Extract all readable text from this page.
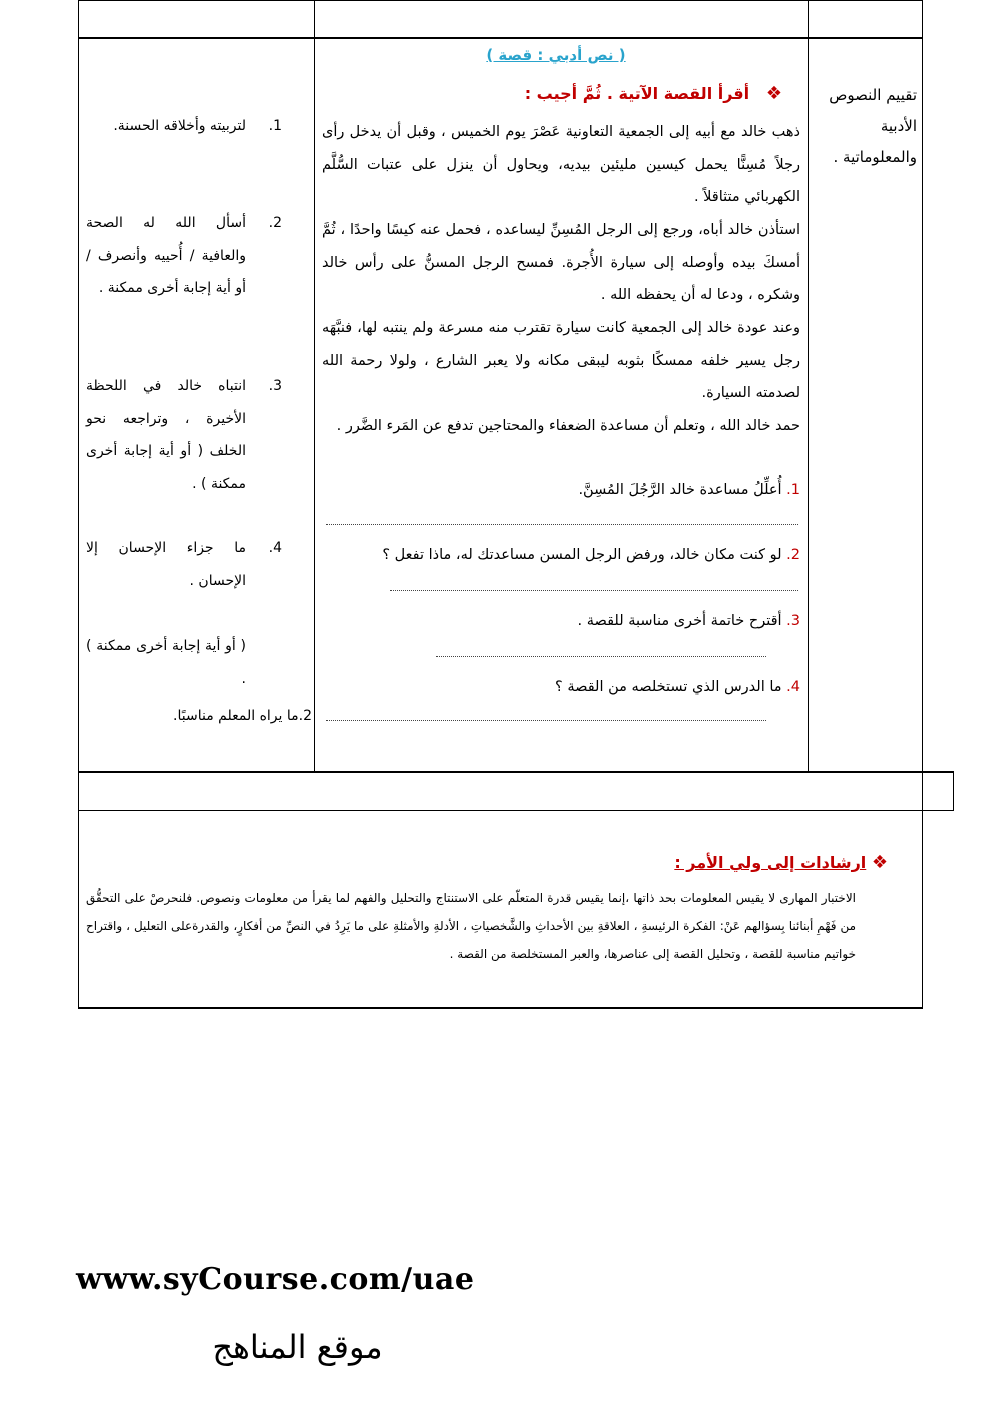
تقييم النصوص الأدبية والمعلوماتية .
( نص أدبي : قصة )
❖   أقرأ القصة الآتية . ثُمَّ أجيب :
ذهب خالد مع أبيه إلى الجمعية التعاونية عَصْرَ يوم الخميس ، وقبل أن يدخل رأى رجلاً مُسِنًّا يحمل كيسين مليئين بيديه، ويحاول أن ينزل على عتبات السُّلَّم الكهربائي متثاقلاً .
استأذن خالد أباه، ورجع إلى الرجل المُسِنِّ ليساعده ، فحمل عنه كيسًا واحدًا ، ثُمَّ أمسكَ بيده وأوصله إلى سيارة الأُجرة. فمسح الرجل المسنُّ على رأس خالد وشكره ، ودعا له أن يحفظه الله .
وعند عودة خالد إلى الجمعية كانت سيارة تقترب منه مسرعة ولم ينتبه لها، فنبَّهَه رجل يسير خلفه ممسكًا بثوبه ليبقى مكانه ولا يعبر الشارع ، ولولا رحمة الله لصدمته السيارة.
حمد خالد الله ، وتعلم أن مساعدة الضعفاء والمحتاجين تدفع عن المَرء الضَّرر .
1. أُعلِّلُ مساعدة خالد الرَّجُلَ المُسِنَّ.
2. لو كنت مكان خالد، ورفض الرجل المسن مساعدتك له، ماذا تفعل ؟
3. أقترح خاتمة أخرى مناسبة للقصة .
4. ما الدرس الذي تستخلصه من القصة ؟
1.
لتربيته وأخلاقه الحسنة.
2.
أسأل الله له الصحة والعافية / أُحييه وأنصرف / أو أية إجابة أخرى ممكنة .
3.
انتباه خالد في اللحظة الأخيرة ، وتراجعه نحو الخلف ( أو أية إجابة أخرى ممكنة ) .
4.
ما جزاء الإحسان إلا الإحسان .
( أو أية إجابة أخرى ممكنة ) .
2.ما يراه المعلم مناسبًا.
❖ ارشادات إلى ولي الأمر :
الاختبار المهارى لا يقيس المعلومات بحد ذاتها ،إنما يقيس قدرة المتعلّم على الاستنتاج والتحليل والفهم لما يقرأ من معلومات ونصوص. فلنحرصْ على التحقُّق من فَهْمِ أبنائنا بِسؤالهم عَنْ: الفكرة الرئيسةِ ، العلاقةِ بين الأحداثِ والشَّخصياتِ ، الأدلةِ والأمثلةِ على ما يَرِدُ في النصِّ من أفكارٍ، والقدرةعلى التعليل ، واقتراح خواتيم مناسبة للقصة ، وتحليل القصة إلى عناصرها، والعبر المستخلصة من القصة .
www.syCourse.com/uae
موقع المناهج
